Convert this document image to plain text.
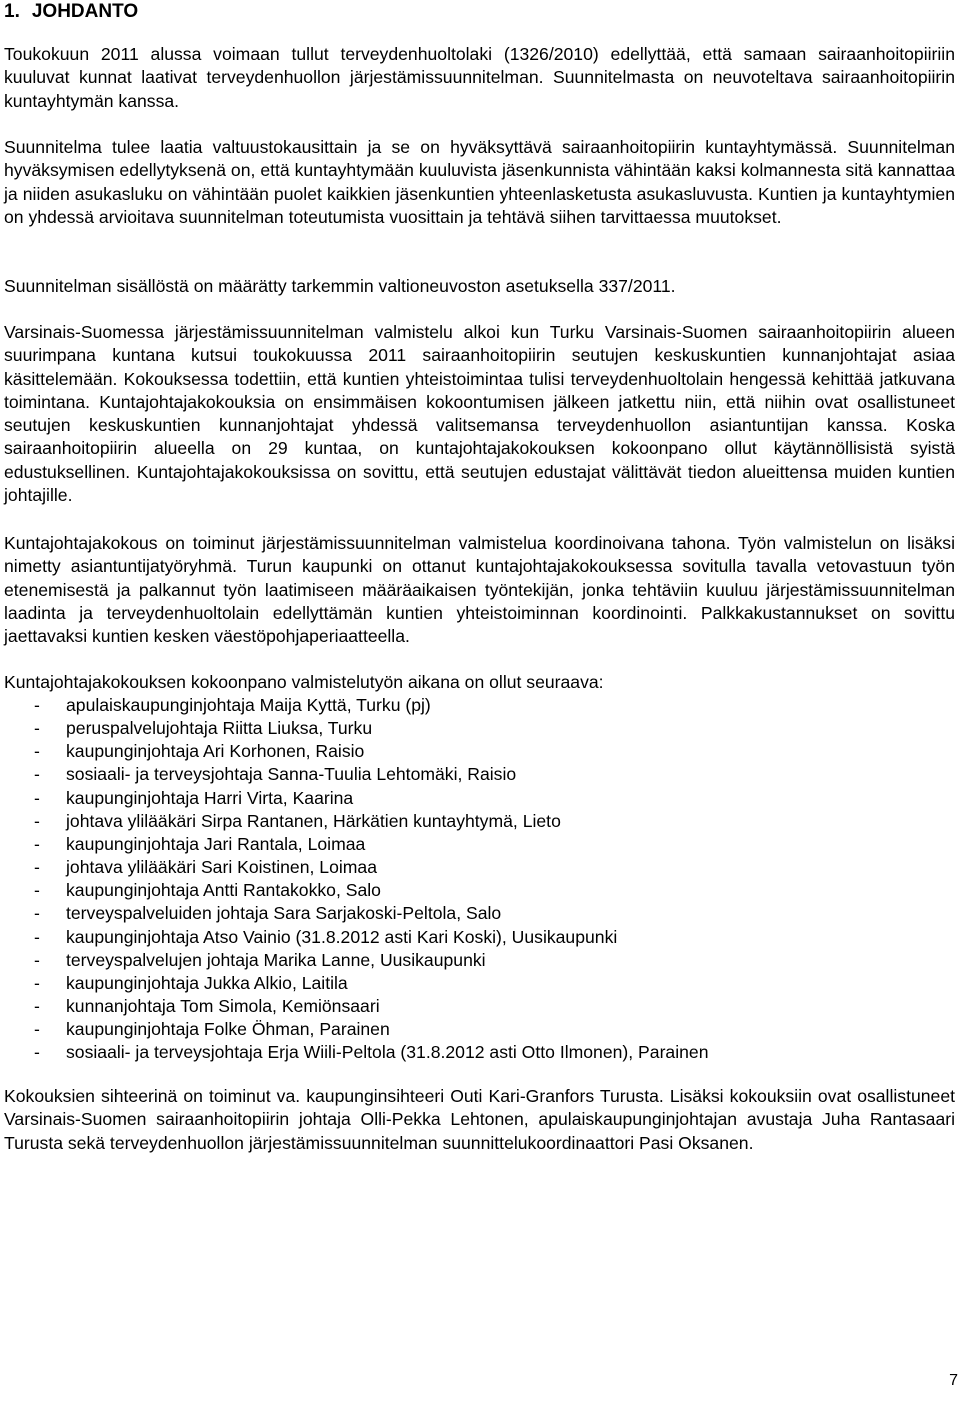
1. JOHDANTO

Toukokuun 2011 alussa voimaan tullut terveydenhuoltolaki (1326/2010) edellyttää, että samaan sairaanhoitopiiriin kuuluvat kunnat laativat terveydenhuollon järjestämissuunnitelman. Suunnitelmasta on neuvoteltava sairaanhoitopiirin kuntayhtymän kanssa.

Suunnitelma tulee laatia valtuustokausittain ja se on hyväksyttävä sairaanhoitopiirin kuntayhtymässä. Suunnitelman hyväksymisen edellytyksenä on, että kuntayhtymään kuuluvista jäsenkunnista vähintään kaksi kolmannesta sitä kannattaa ja niiden asukasluku on vähintään puolet kaikkien jäsenkuntien yhteenlasketusta asukasluvusta. Kuntien ja kuntayhtymien on yhdessä arvioitava suunnitelman toteutumista vuosittain ja tehtävä siihen tarvittaessa muutokset.

Suunnitelman sisällöstä on määrätty tarkemmin valtioneuvoston asetuksella 337/2011.

Varsinais-Suomessa järjestämissuunnitelman valmistelu alkoi kun Turku Varsinais-Suomen sairaanhoitopiirin alueen suurimpana kuntana kutsui toukokuussa 2011 sairaanhoitopiirin seutujen keskuskuntien kunnanjohtajat asiaa käsittelemään. Kokouksessa todettiin, että kuntien yhteistoimintaa tulisi terveydenhuoltolain hengessä kehittää jatkuvana toimintana. Kuntajohtajakokouksia on ensimmäisen kokoontumisen jälkeen jatkettu niin, että niihin ovat osallistuneet seutujen keskuskuntien kunnanjohtajat yhdessä valitsemansa terveydenhuollon asiantuntijan kanssa. Koska sairaanhoitopiirin alueella on 29 kuntaa, on kuntajohtajakokouksen kokoonpano ollut käytännöllisistä syistä edustuksellinen. Kuntajohtajakokouksissa on sovittu, että seutujen edustajat välittävät tiedon alueittensa muiden kuntien johtajille.

Kuntajohtajakokous on toiminut järjestämissuunnitelman valmistelua koordinoivana tahona. Työn valmistelun on lisäksi nimetty asiantuntijatyöryhmä. Turun kaupunki on ottanut kuntajohtajakokouksessa sovitulla tavalla vetovastuun työn etenemisestä ja palkannut työn laatimiseen määräaikaisen työntekijän, jonka tehtäviin kuuluu järjestämissuunnitelman laadinta ja terveydenhuoltolain edellyttämän kuntien yhteistoiminnan koordinointi. Palkkakustannukset on sovittu jaettavaksi kuntien kesken väestöpohjaperiaatteella.

Kuntajohtajakokouksen kokoonpano valmistelutyön aikana on ollut seuraava:

- apulaiskaupunginjohtaja Maija Kyttä, Turku (pj)
- peruspalvelujohtaja Riitta Liuksa, Turku
- kaupunginjohtaja Ari Korhonen, Raisio
- sosiaali- ja terveysjohtaja Sanna-Tuulia Lehtomäki, Raisio
- kaupunginjohtaja Harri Virta, Kaarina
- johtava ylilääkäri Sirpa Rantanen, Härkätien kuntayhtymä, Lieto
- kaupunginjohtaja Jari Rantala, Loimaa
- johtava ylilääkäri Sari Koistinen, Loimaa
- kaupunginjohtaja Antti Rantakokko, Salo
- terveyspalveluiden johtaja Sara Sarjakoski-Peltola, Salo
- kaupunginjohtaja Atso Vainio (31.8.2012 asti Kari Koski), Uusikaupunki
- terveyspalvelujen johtaja Marika Lanne, Uusikaupunki
- kaupunginjohtaja Jukka Alkio, Laitila
- kunnanjohtaja Tom Simola, Kemiönsaari
- kaupunginjohtaja Folke Öhman, Parainen
- sosiaali- ja terveysjohtaja Erja Wiili-Peltola (31.8.2012 asti Otto Ilmonen), Parainen

Kokouksien sihteerinä on toiminut va. kaupunginsihteeri Outi Kari-Granfors Turusta. Lisäksi kokouksiin ovat osallistuneet Varsinais-Suomen sairaanhoitopiirin johtaja Olli-Pekka Lehtonen, apulaiskaupunginjohtajan avustaja Juha Rantasaari Turusta sekä terveydenhuollon järjestämissuunnitelman suunnittelukoordinaattori Pasi Oksanen.

7
